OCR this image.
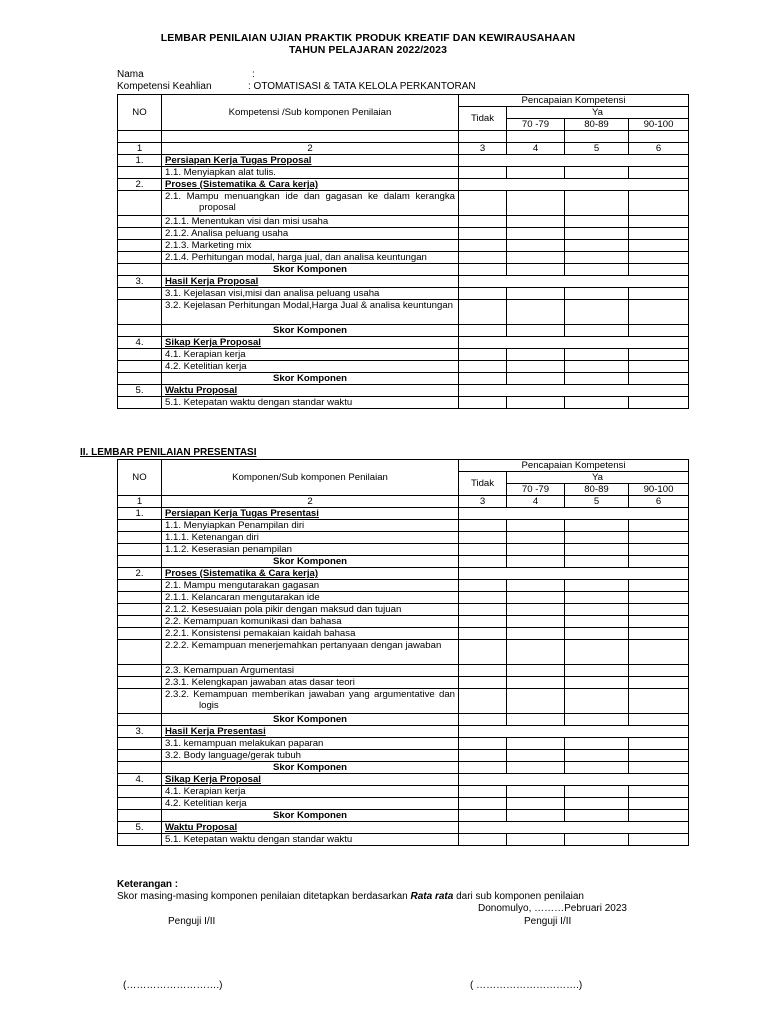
LEMBAR PENILAIAN UJIAN PRAKTIK PRODUK KREATIF DAN KEWIRAUSAHAAN
TAHUN PELAJARAN 2022/2023
Nama	:
Kompetensi Keahlian	: OTOMATISASI & TATA KELOLA PERKANTORAN
NO	Kompetensi /Sub komponen Penilaian	Pencapaian Kompetensi			
		Tidak	Ya		
			70 -79	80-89	90-100

1	2	3	4	5	6
1.	Persiapan Kerja Tugas Proposal				
	1.1. Menyiapkan alat tulis.				
2.	Proses (Sistematika & Cara kerja)				

	2.1. Mampu menuangkan ide dan gagasan ke dalam kerangka proposal				

	2.1.1. Menentukan visi dan misi usaha				
	2.1.2. Analisa peluang usaha				
	2.1.3. Marketing mix				
	2.1.4. Perhitungan modal, harga jual, dan analisa keuntungan				
	Skor Komponen				
3.	Hasil Kerja Proposal				
	3.1. Kejelasan visi,misi dan analisa peluang usaha				

	3.2. Kejelasan Perhitungan Modal,Harga Jual & analisa keuntungan				

	Skor Komponen				
4.	Sikap Kerja Proposal				
	4.1. Kerapian kerja				
	4.2. Ketelitian kerja				
	Skor Komponen				
5.	Waktu Proposal				
	5.1. Ketepatan waktu dengan standar waktu				
II. LEMBAR PENILAIAN PRESENTASI
NO	Komponen/Sub komponen Penilaian	Pencapaian Kompetensi			
		Tidak	Ya		
			70 -79	80-89	90-100
1	2	3	4	5	6
1.	Persiapan Kerja Tugas Presentasi				
	1.1. Menyiapkan Penampilan diri				
	1.1.1. Ketenangan diri				
	1.1.2. Keserasian penampilan				
	Skor Komponen				
2.	Proses (Sistematika & Cara kerja)				
	2.1. Mampu mengutarakan gagasan				
	2.1.1. Kelancaran mengutarakan ide				
	2.1.2. Kesesuaian pola pikir dengan maksud dan tujuan				
	2.2. Kemampuan komunikasi dan bahasa				
	2.2.1. Konsistensi pemakaian kaidah bahasa				

	2.2.2. Kemampuan menerjemahkan pertanyaan dengan jawaban				

	2.3. Kemampuan Argumentasi				
	2.3.1. Kelengkapan jawaban atas dasar teori				

	2.3.2. Kemampuan memberikan jawaban yang argumentative dan logis				

	Skor Komponen				
3.	Hasil Kerja Presentasi				
	3.1. kemampuan melakukan paparan				
	3.2. Body language/gerak tubuh				
	Skor Komponen				
4.	Sikap Kerja Proposal				
	4.1. Kerapian kerja				
	4.2. Ketelitian kerja				
	Skor Komponen				
5.	Waktu Proposal				
	5.1. Ketepatan waktu dengan standar waktu				
Keterangan :
Skor masing-masing komponen penilaian ditetapkan berdasarkan Rata rata dari sub komponen penilaian
Donomulyo, ………Pebruari 2023
Penguji I/II	Penguji I/II
(……………………….)	( ………………………….)
